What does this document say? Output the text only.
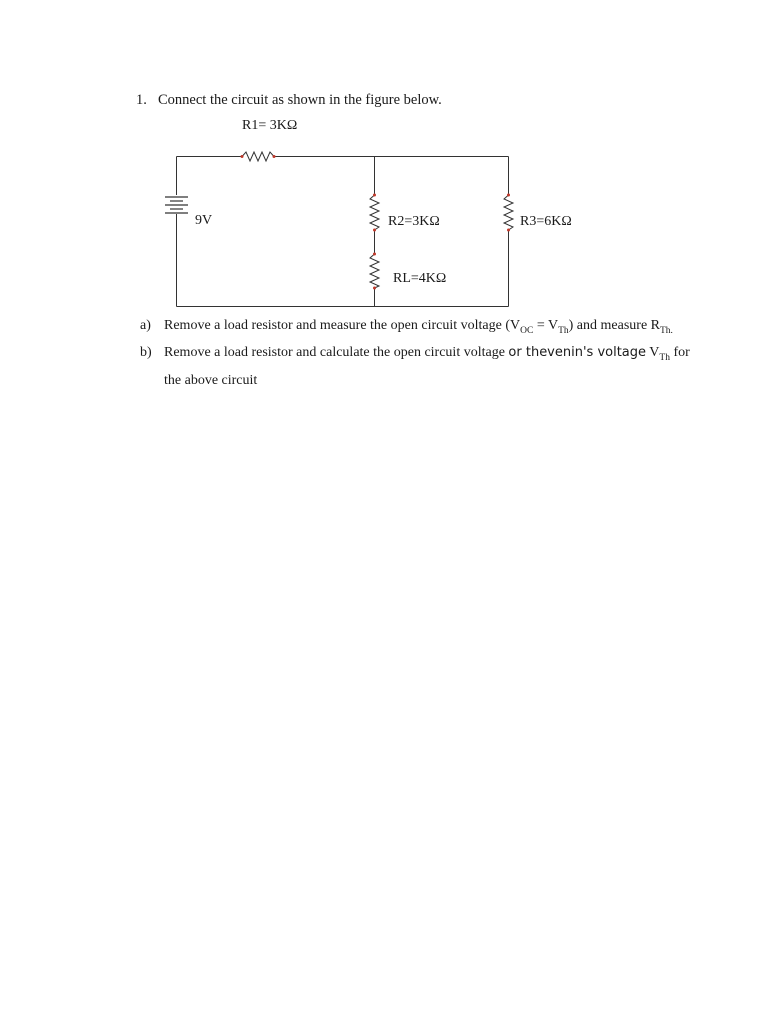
1. Connect the circuit as shown in the figure below.
R1= 3KΩ
9V	R2=3KΩ	R3=6KΩ
RL=4KΩ
a) Remove a load resistor and measure the open circuit voltage $(V_{OC} = V_{Th})$ and measure $R_{Th.}$
b) Remove a load resistor and calculate the open circuit voltage or thevenin's voltage $V_{Th}$ for
the above circuit
